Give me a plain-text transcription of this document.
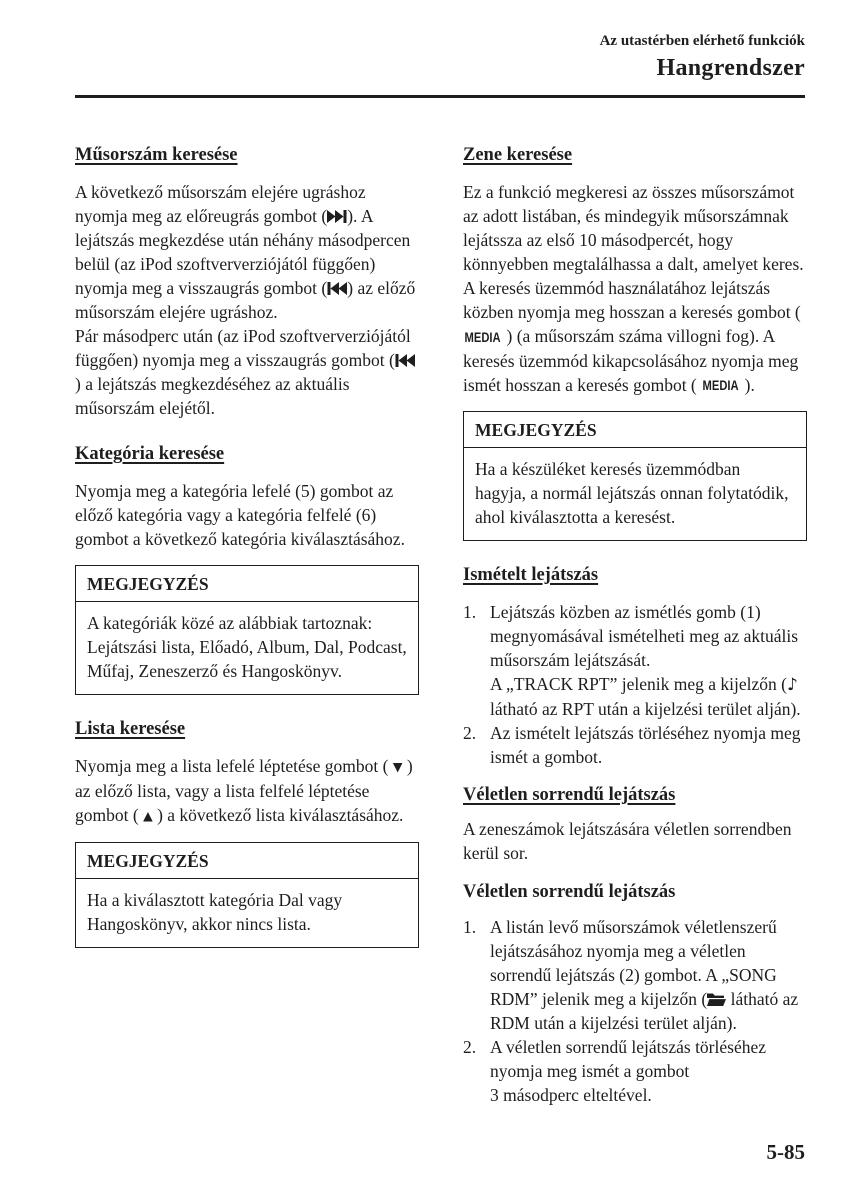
Az utastérben elérhető funkciók
Hangrendszer
Műsorszám keresése

A következő műsorszám elejére ugráshoz nyomja meg az előreugrás gombot ( ). A lejátszás megkezdése után néhány másodpercen belül (az iPod szoftververziójától függően) nyomja meg a visszaugrás gombot ( ) az előző műsorszám elejére ugráshoz.
Pár másodperc után (az iPod szoftververziójától függően) nyomja meg a visszaugrás gombot () a lejátszás megkezdéséhez az aktuális műsorszám elejétől.

Kategória keresése

Nyomja meg a kategória lefelé (5) gombot az előző kategória vagy a kategória felfelé (6) gombot a következő kategória kiválasztásához.

MEGJEGYZÉS
A kategóriák közé az alábbiak tartoznak: Lejátszási lista, Előadó, Album, Dal, Podcast, Műfaj, Zeneszerző és Hangoskönyv.
Lista keresése

Nyomja meg a lista lefelé léptetése gombot ( ▼ ) az előző lista, vagy a lista felfelé léptetése gombot ( ▲ ) a következő lista kiválasztásához.

MEGJEGYZÉS
Ha a kiválasztott kategória Dal vagy Hangoskönyv, akkor nincs lista.
Zene keresése

Ez a funkció megkeresi az összes műsorszámot az adott listában, és mindegyik műsorszámnak lejátssza az első 10 másodpercét, hogy könnyebben megtalálhassa a dalt, amelyet keres.
A keresés üzemmód használatához lejátszás közben nyomja meg hosszan a keresés gombot ( MEDIA ) (a műsorszám száma villogni fog). A keresés üzemmód kikapcsolásához nyomja meg ismét hosszan a keresés gombot ( MEDIA ).

MEGJEGYZÉS
Ha a készüléket keresés üzemmódban hagyja, a normál lejátszás onnan folytatódik, ahol kiválasztotta a keresést.
Ismételt lejátszás
1. Lejátszás közben az ismétlés gomb (1) megnyomásával ismételheti meg az aktuális műsorszám lejátszását.
A „TRACK RPT” jelenik meg a kijelzőn (♪ látható az RPT után a kijelzési terület alján).
2. Az ismételt lejátszás törléséhez nyomja meg ismét a gombot.
Véletlen sorrendű lejátszás

A zeneszámok lejátszására véletlen sorrendben kerül sor.

Véletlen sorrendű lejátszás
1. A listán levő műsorszámok véletlenszerű lejátszásához nyomja meg a véletlen sorrendű lejátszás (2) gombot. A „SONG RDM” jelenik meg a kijelzőn ( látható az RDM után a kijelzési terület alján).
2. A véletlen sorrendű lejátszás törléséhez nyomja meg ismét a gombot
3 másodperc elteltével.
5-85
